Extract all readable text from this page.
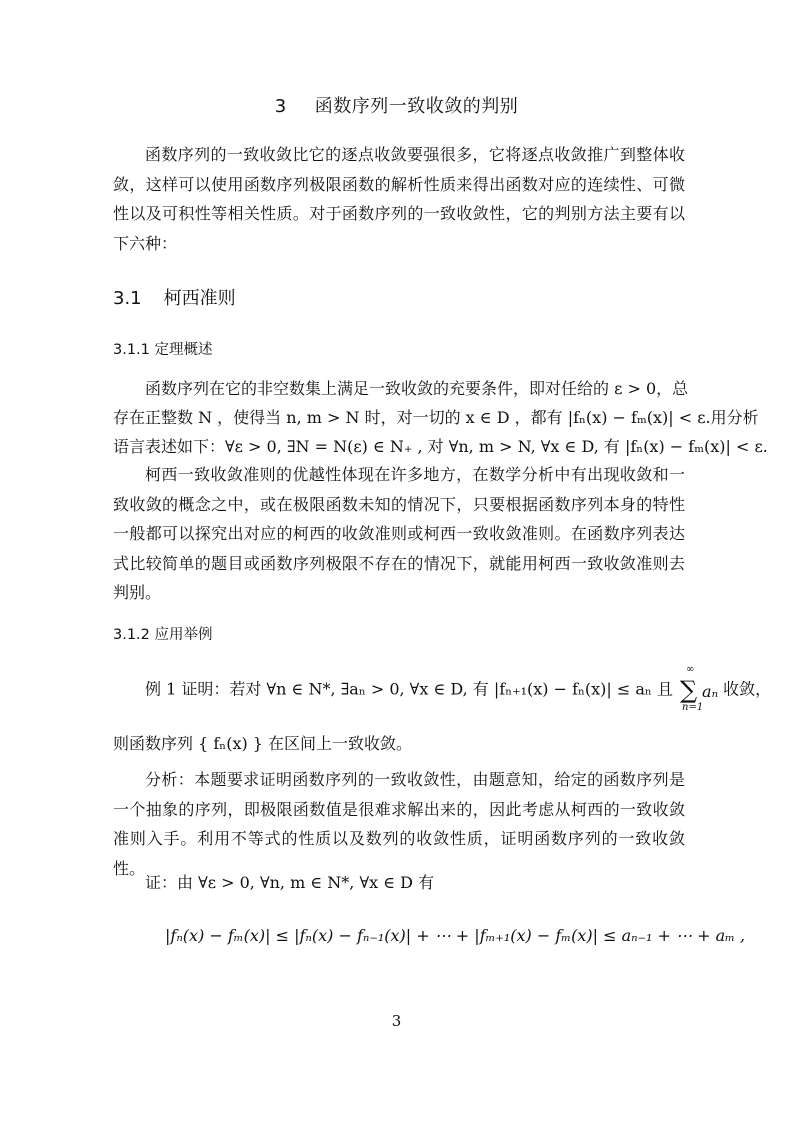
3 函数序列一致收敛的判别

函数序列的一致收敛比它的逐点收敛要强很多，它将逐点收敛推广到整体收敛，这样可以使用函数序列极限函数的解析性质来得出函数对应的连续性、可微性以及可积性等相关性质。对于函数序列的一致收敛性，它的判别方法主要有以下六种：

3.1 柯西准则
3.1.1 定理概述
函数序列在它的非空数集上满足一致收敛的充要条件，即对任给的 ε > 0，总
存在正整数 N ，使得当 n, m > N 时，对一切的 x ∈ D ，都有 |fₙ(x) − fₘ(x)| < ε.用分析
语言表述如下：∀ε > 0, ∃N = N(ε) ∈ N₊ , 对 ∀n, m > N, ∀x ∈ D, 有 |fₙ(x) − fₘ(x)| < ε.

柯西一致收敛准则的优越性体现在许多地方，在数学分析中有出现收敛和一致收敛的概念之中，或在极限函数未知的情况下，只要根据函数序列本身的特性一般都可以探究出对应的柯西的收敛准则或柯西一致收敛准则。在函数序列表达式比较简单的题目或函数序列极限不存在的情况下，就能用柯西一致收敛准则去判别。

3.1.2 应用举例
例 1 证明：若对 ∀n ∈ N*, ∃aₙ > 0, ∀x ∈ D, 有 |fₙ₊₁(x) − fₙ(x)| ≤ aₙ 且
∞
∑
n=1
aₙ 收敛，
则函数序列 { fₙ(x) } 在区间上一致收敛。

分析：本题要求证明函数序列的一致收敛性，由题意知，给定的函数序列是一个抽象的序列，即极限函数值是很难求解出来的，因此考虑从柯西的一致收敛准则入手。利用不等式的性质以及数列的收敛性质，证明函数序列的一致收敛性。

证：由 ∀ε > 0, ∀n, m ∈ N*, ∀x ∈ D 有
|fₙ(x) − fₘ(x)| ≤ |fₙ(x) − fₙ₋₁(x)| + ⋯ + |fₘ₊₁(x) − fₘ(x)| ≤ aₙ₋₁ + ⋯ + aₘ ,
3
